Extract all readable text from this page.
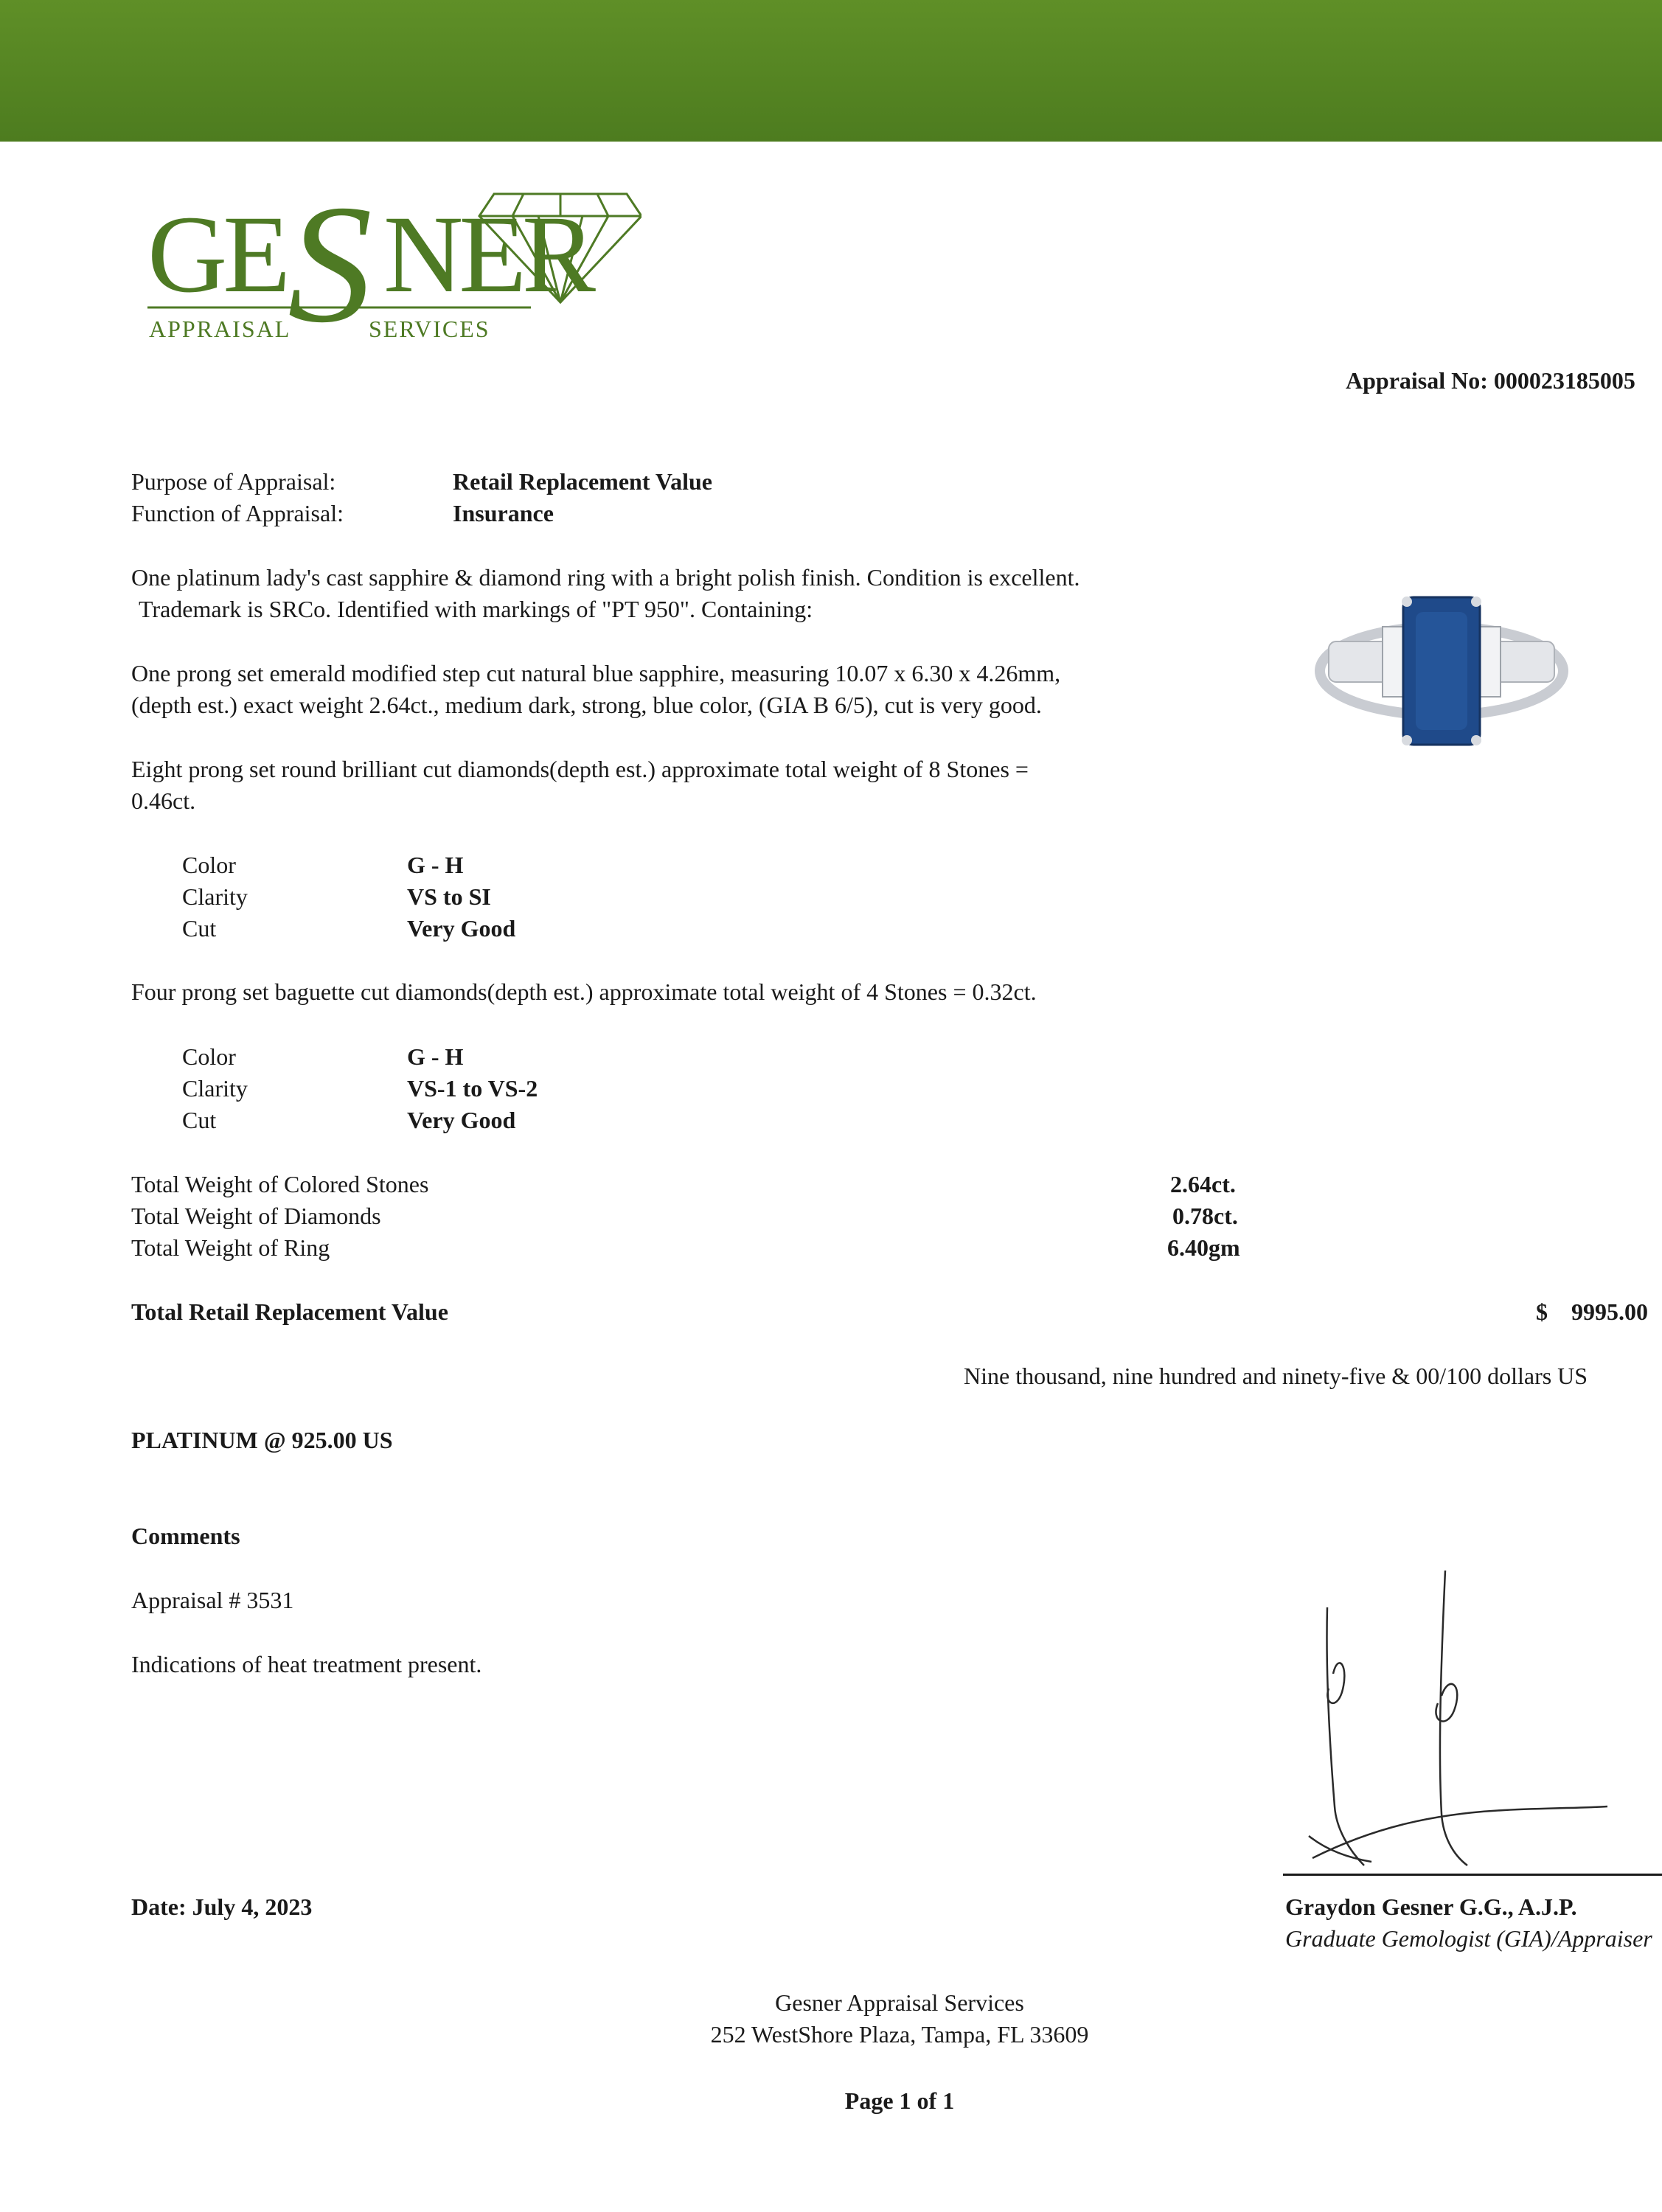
GE S NER
APPRAISAL	SERVICES
Appraisal No: 000023185005
Purpose of Appraisal:	Retail Replacement Value
Function of Appraisal:	Insurance
One platinum lady's cast sapphire & diamond ring with a bright polish finish. Condition is excellent.
Trademark is SRCo. Identified with markings of "PT 950". Containing:
One prong set emerald modified step cut natural blue sapphire, measuring 10.07 x 6.30 x 4.26mm,
(depth est.) exact weight 2.64ct., medium dark, strong, blue color, (GIA B 6/5), cut is very good.
Eight prong set round brilliant cut diamonds(depth est.) approximate total weight of 8 Stones =
0.46ct.
Color	G - H
Clarity	VS to SI
Cut	Very Good
Four prong set baguette cut diamonds(depth est.) approximate total weight of 4 Stones = 0.32ct.
Color	G - H
Clarity	VS-1 to VS-2
Cut	Very Good
Total Weight of Colored Stones	2.64ct.
Total Weight of Diamonds	0.78ct.
Total Weight of Ring	6.40gm
Total Retail Replacement Value	$ 9995.00
Nine thousand, nine hundred and ninety-five & 00/100 dollars US
PLATINUM @ 925.00 US
Comments
Appraisal # 3531
Indications of heat treatment present.
Date: July 4, 2023	Graydon Gesner G.G., A.J.P.
Graduate Gemologist (GIA)/Appraiser
Gesner Appraisal Services
252 WestShore Plaza, Tampa, FL 33609
Page 1 of 1
